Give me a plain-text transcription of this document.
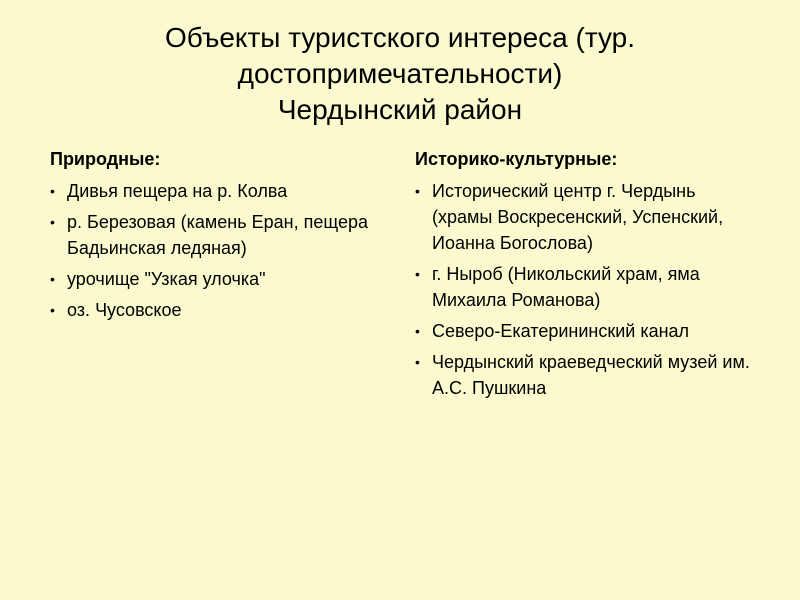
Объекты туристского интереса (тур.
достопримечательности)
Чердынский район
Природные:
• Дивья пещера на р. Колва
• р. Березовая (камень Еран, пещера Бадьинская ледяная)
• урочище "Узкая улочка"
• оз. Чусовское
Историко-культурные:
• Исторический центр г. Чердынь (храмы Воскресенский, Успенский, Иоанна Богослова)
• г. Ныроб (Никольский храм, яма Михаила Романова)
• Северо-Екатерининский канал
• Чердынский краеведческий музей им. А.С. Пушкина
